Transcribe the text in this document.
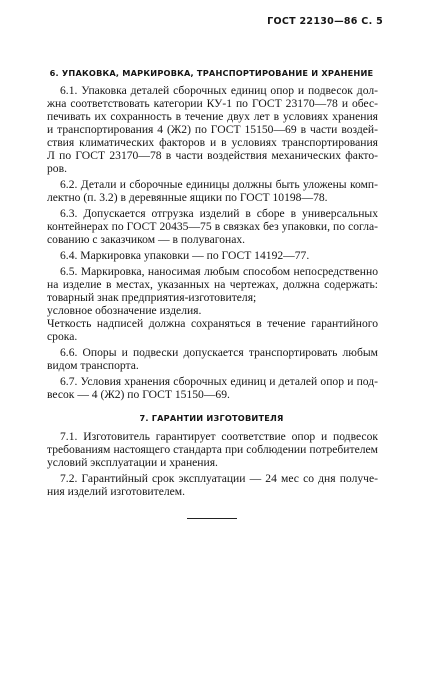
ГОСТ 22130—86 С. 5
6. УПАКОВКА, МАРКИРОВКА, ТРАНСПОРТИРОВАНИЕ И ХРАНЕНИЕ
6.1. Упаковка деталей сборочных единиц опор и подвесок дол-
жна соответствовать категории КУ-1 по ГОСТ 23170—78 и обес-
печивать их сохранность в течение двух лет в условиях хранения
и транспортирования 4 (Ж2) по ГОСТ 15150—69 в части воздей-
ствия климатических факторов и в условиях транспортирования
Л по ГОСТ 23170—78 в части воздействия механических факто-
ров.
6.2. Детали и сборочные единицы должны быть уложены комп-
лектно (п. 3.2) в деревянные ящики по ГОСТ 10198—78.
6.3. Допускается отгрузка изделий в сборе в универсальных
контейнерах по ГОСТ 20435—75 в связках без упаковки, по согла-
сованию с заказчиком — в полувагонах.
6.4. Маркировка упаковки — по ГОСТ 14192—77.
6.5. Маркировка, наносимая любым способом непосредственно
на изделие в местах, указанных на чертежах, должна содержать:
товарный знак предприятия-изготовителя;
условное обозначение изделия.
Четкость надписей должна сохраняться в течение гарантийного
срока.
6.6. Опоры и подвески допускается транспортировать любым
видом транспорта.
6.7. Условия хранения сборочных единиц и деталей опор и под-
весок — 4 (Ж2) по ГОСТ 15150—69.
7. ГАРАНТИИ ИЗГОТОВИТЕЛЯ
7.1. Изготовитель гарантирует соответствие опор и подвесок
требованиям настоящего стандарта при соблюдении потребителем
условий эксплуатации и хранения.
7.2. Гарантийный срок эксплуатации — 24 мес со дня получе-
ния изделий изготовителем.
